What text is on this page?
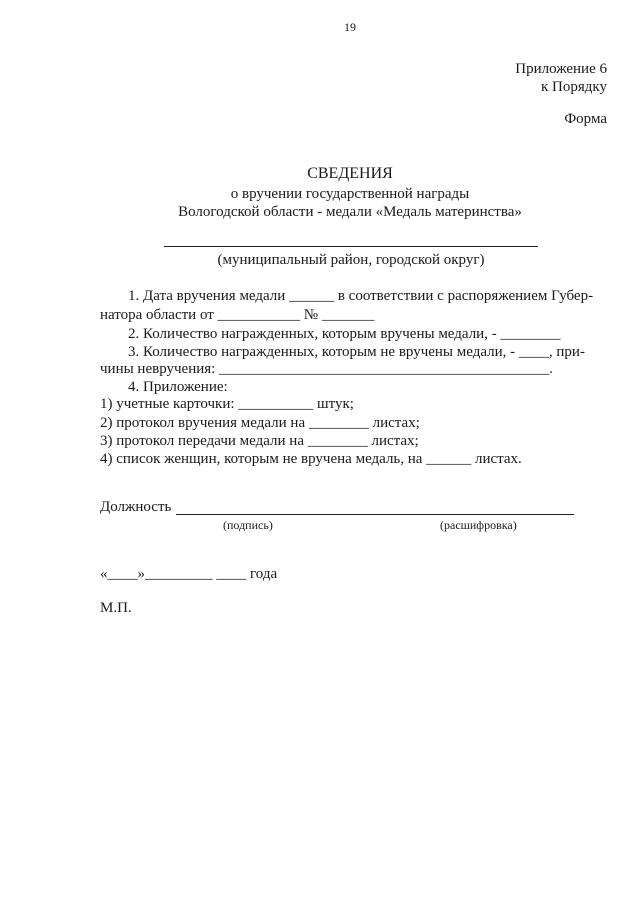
19
Приложение 6
к Порядку
Форма
СВЕДЕНИЯ
о вручении государственной награды
Вологодской области - медали «Медаль материнства»
(муниципальный район, городской округ)
1. Дата вручения медали ______ в соответствии с распоряжением Губер-
натора области от ___________ № _______
2. Количество награжденных, которым вручены медали, - ________
3. Количество награжденных, которым не вручены медали, - ____, при-
чины невручения: ____________________________________________.
4. Приложение:
1) учетные карточки: __________ штук;
2) протокол вручения медали на ________ листах;
3) протокол передачи медали на ________ листах;
4) список женщин, которым не вручена медаль, на ______ листах.
Должность
(подпись)	(расшифровка)
«____»_________ ____ года
М.П.
